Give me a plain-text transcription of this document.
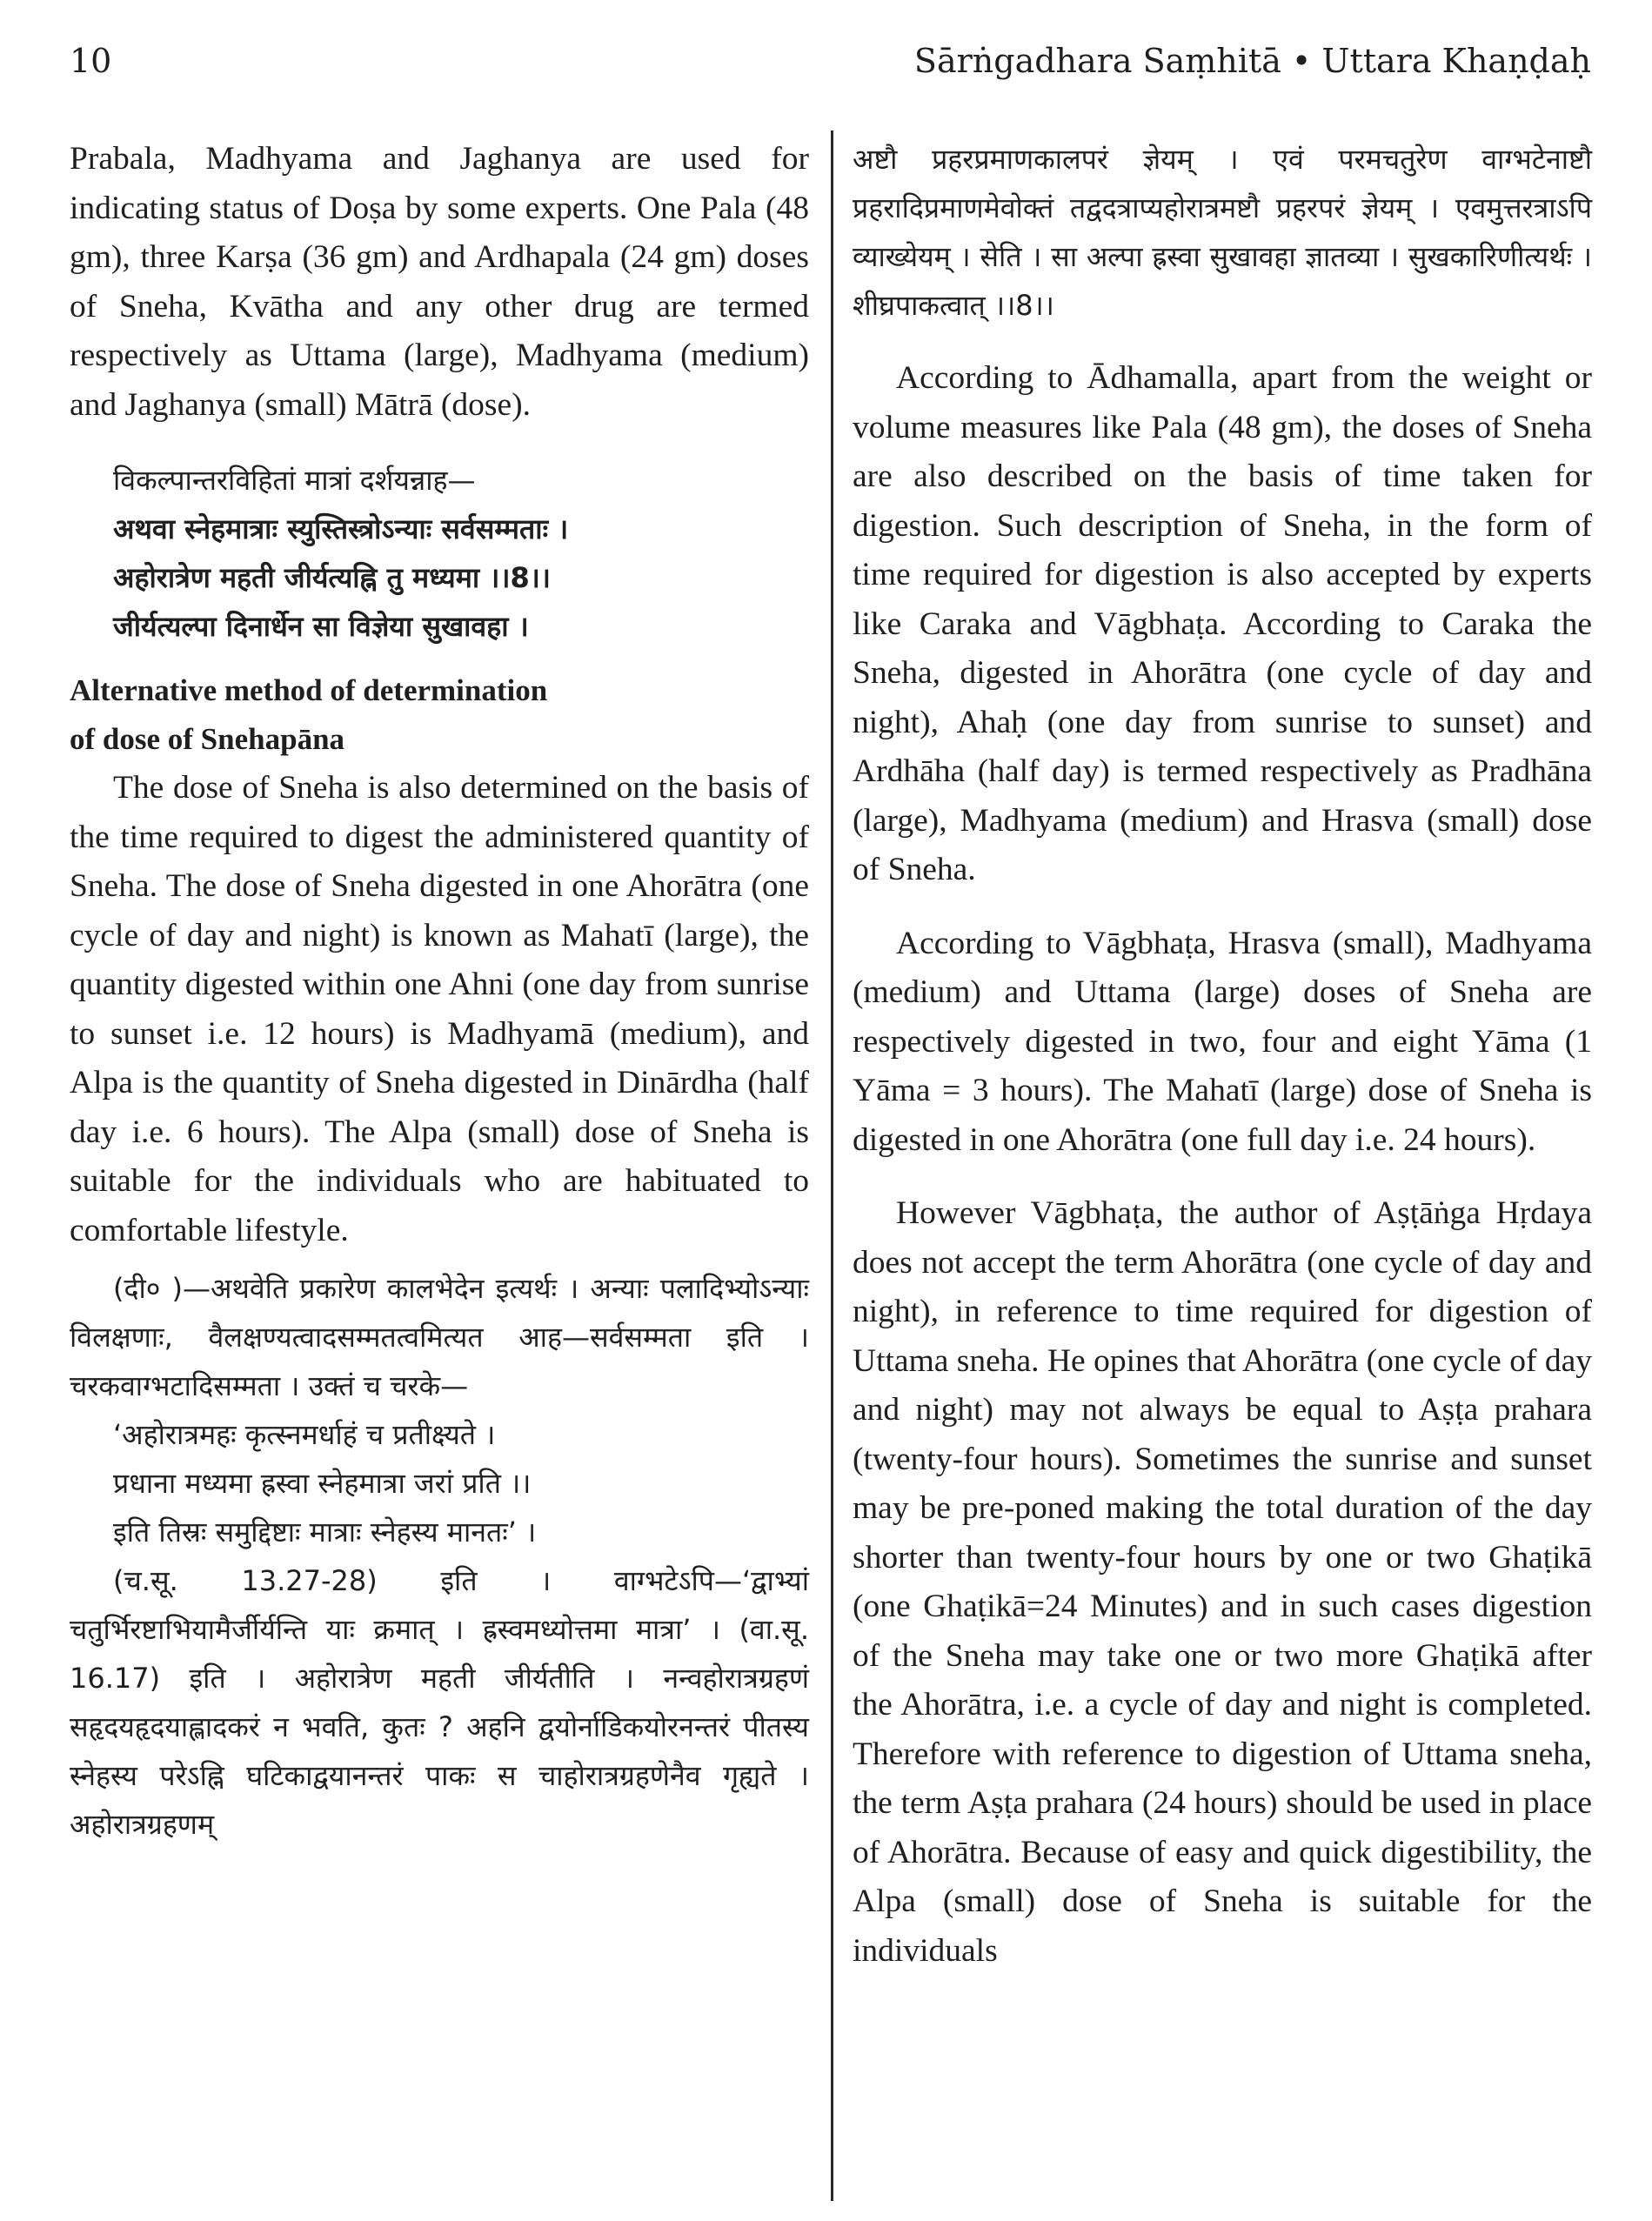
10	Sārṅgadhara Saṃhitā • Uttara Khaṇḍaḥ

Prabala, Madhyama and Jaghanya are used for indicating status of Doṣa by some experts. One Pala (48 gm), three Karṣa (36 gm) and Ardhapala (24 gm) doses of Sneha, Kvātha and any other drug are termed respectively as Uttama (large), Madhyama (medium) and Jaghanya (small) Mātrā (dose).

विकल्पान्तरविहितां मात्रां दर्शयन्नाह—

अथवा स्नेहमात्राः स्युस्तिस्त्रोऽन्याः सर्वसम्मताः ।
अहोरात्रेण महती जीर्यत्यह्नि तु मध्यमा ।।8।।
जीर्यत्यल्पा दिनार्धेन सा विज्ञेया सुखावहा ।
Alternative method of determination
of dose of Snehapāna

The dose of Sneha is also determined on the basis of the time required to digest the administered quantity of Sneha. The dose of Sneha digested in one Ahorātra (one cycle of day and night) is known as Mahatī (large), the quantity digested within one Ahni (one day from sunrise to sunset i.e. 12 hours) is Madhyamā (medium), and Alpa is the quantity of Sneha digested in Dinārdha (half day i.e. 6 hours). The Alpa (small) dose of Sneha is suitable for the individuals who are habituated to comfortable lifestyle.

(दी० )—अथवेति प्रकारेण कालभेदेन इत्यर्थः । अन्याः पलादिभ्योऽन्याः विलक्षणाः, वैलक्षण्यत्वादसम्मतत्वमित्यत आह—सर्वसम्मता इति । चरकवाग्भटादिसम्मता । उक्तं च चरके—

‘अहोरात्रमहः कृत्स्नमर्धाहं च प्रतीक्ष्यते ।
प्रधाना मध्यमा ह्रस्वा स्नेहमात्रा जरां प्रति ।।
इति तिस्रः समुद्दिष्टाः मात्राः स्नेहस्य मानतः’ ।

(च.सू. 13.27-28) इति । वाग्भटेऽपि—‘द्वाभ्यां चतुर्भिरष्टाभियामैर्जीर्यन्ति याः क्रमात् । ह्रस्वमध्योत्तमा मात्रा’ । (वा.सू. 16.17) इति । अहोरात्रेण महती जीर्यतीति । नन्वहोरात्रग्रहणं सहृदयहृदयाह्लादकरं न भवति, कुतः ? अहनि द्वयोर्नाडिकयोरनन्तरं पीतस्य स्नेहस्य परेऽह्नि घटिकाद्वयानन्तरं पाकः स चाहोरात्रग्रहणेनैव गृह्यते । अहोरात्रग्रहणम्

अष्टौ प्रहरप्रमाणकालपरं ज्ञेयम् । एवं परमचतुरेण वाग्भटेनाष्टौ प्रहरादिप्रमाणमेवोक्तं तद्वदत्राप्यहोरात्रमष्टौ प्रहरपरं ज्ञेयम् । एवमुत्तरत्राऽपि व्याख्येयम् । सेति । सा अल्पा ह्रस्वा सुखावहा ज्ञातव्या । सुखकारिणीत्यर्थः । शीघ्रपाकत्वात् ।।8।।

According to Ādhamalla, apart from the weight or volume measures like Pala (48 gm), the doses of Sneha are also described on the basis of time taken for digestion. Such description of Sneha, in the form of time required for digestion is also accepted by experts like Caraka and Vāgbhaṭa. According to Caraka the Sneha, digested in Ahorātra (one cycle of day and night), Ahaḥ (one day from sunrise to sunset) and Ardhāha (half day) is termed respectively as Pradhāna (large), Madhyama (medium) and Hrasva (small) dose of Sneha.

According to Vāgbhaṭa, Hrasva (small), Madhyama (medium) and Uttama (large) doses of Sneha are respectively digested in two, four and eight Yāma (1 Yāma = 3 hours). The Mahatī (large) dose of Sneha is digested in one Ahorātra (one full day i.e. 24 hours).

However Vāgbhaṭa, the author of Aṣṭāṅga Hṛdaya does not accept the term Ahorātra (one cycle of day and night), in reference to time required for digestion of Uttama sneha. He opines that Ahorātra (one cycle of day and night) may not always be equal to Aṣṭa prahara (twenty-four hours). Sometimes the sunrise and sunset may be pre-poned making the total duration of the day shorter than twenty-four hours by one or two Ghaṭikā (one Ghaṭikā=24 Minutes) and in such cases digestion of the Sneha may take one or two more Ghaṭikā after the Ahorātra, i.e. a cycle of day and night is completed. Therefore with reference to digestion of Uttama sneha, the term Aṣṭa prahara (24 hours) should be used in place of Ahorātra. Because of easy and quick digestibility, the Alpa (small) dose of Sneha is suitable for the individuals
